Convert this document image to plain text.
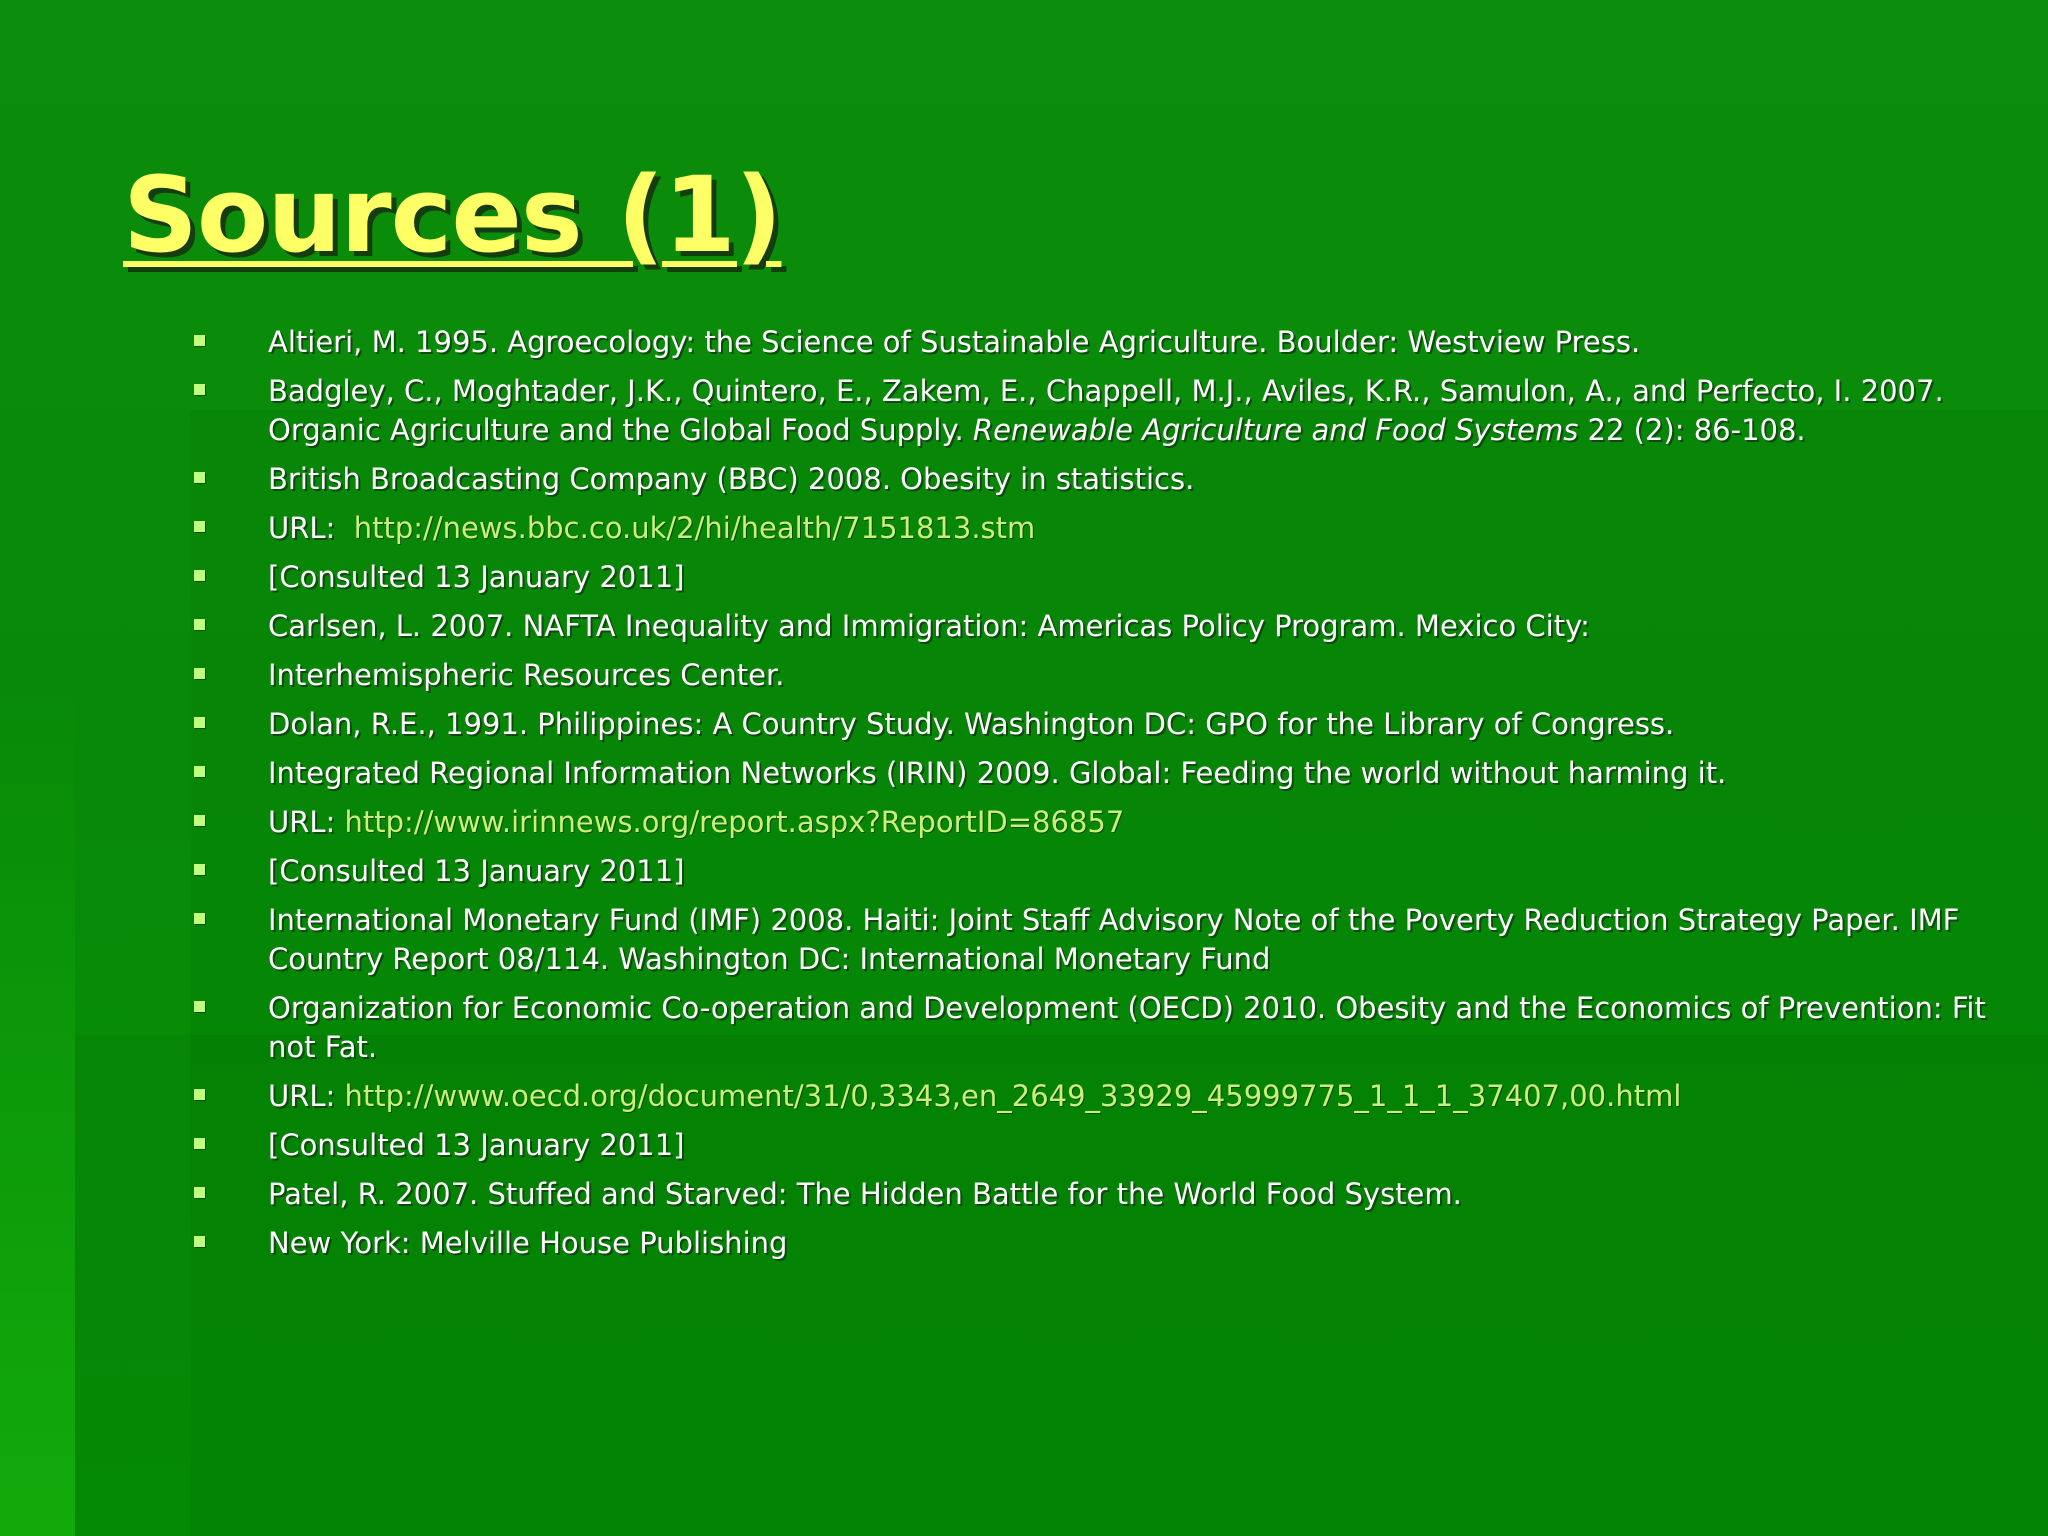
Sources (1)
Altieri, M. 1995. Agroecology: the Science of Sustainable Agriculture. Boulder: Westview Press.
Badgley, C., Moghtader, J.K., Quintero, E., Zakem, E., Chappell, M.J., Aviles, K.R., Samulon, A., and Perfecto, I. 2007. Organic Agriculture and the Global Food Supply. Renewable Agriculture and Food Systems 22 (2): 86-108.
British Broadcasting Company (BBC) 2008. Obesity in statistics.
URL:  http://news.bbc.co.uk/2/hi/health/7151813.stm
[Consulted 13 January 2011]
Carlsen, L. 2007. NAFTA Inequality and Immigration: Americas Policy Program. Mexico City:
Interhemispheric Resources Center.
Dolan, R.E., 1991. Philippines: A Country Study. Washington DC: GPO for the Library of Congress.
Integrated Regional Information Networks (IRIN) 2009. Global: Feeding the world without harming it.
URL: http://www.irinnews.org/report.aspx?ReportID=86857
[Consulted 13 January 2011]
International Monetary Fund (IMF) 2008. Haiti: Joint Staff Advisory Note of the Poverty Reduction Strategy Paper. IMF Country Report 08/114. Washington DC: International Monetary Fund
Organization for Economic Co-operation and Development (OECD) 2010. Obesity and the Economics of Prevention: Fit not Fat.
URL: http://www.oecd.org/document/31/0,3343,en_2649_33929_45999775_1_1_1_37407,00.html
[Consulted 13 January 2011]
Patel, R. 2007. Stuffed and Starved: The Hidden Battle for the World Food System.
New York: Melville House Publishing
